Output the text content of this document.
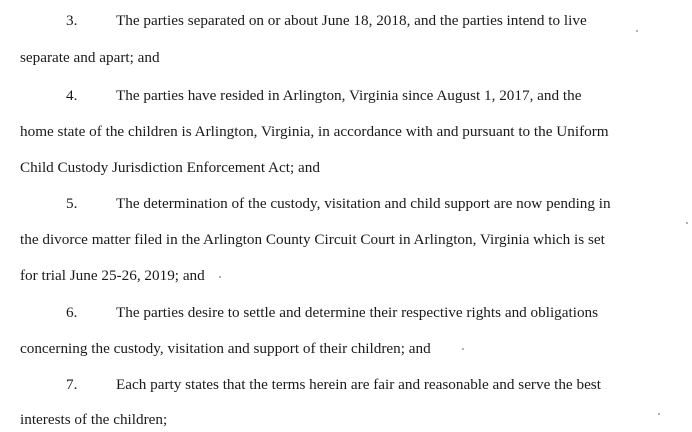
3.	The parties separated on or about June 18, 2018, and the parties intend to live
separate and apart; and
4.	The parties have resided in Arlington, Virginia since August 1, 2017, and the
home state of the children is Arlington, Virginia, in accordance with and pursuant to the Uniform
Child Custody Jurisdiction Enforcement Act; and
5.	The determination of the custody, visitation and child support are now pending in
the divorce matter filed in the Arlington County Circuit Court in Arlington, Virginia which is set
for trial June 25-26, 2019; and
6.	The parties desire to settle and determine their respective rights and obligations
concerning the custody, visitation and support of their children; and
7.	Each party states that the terms herein are fair and reasonable and serve the best
interests of the children;
